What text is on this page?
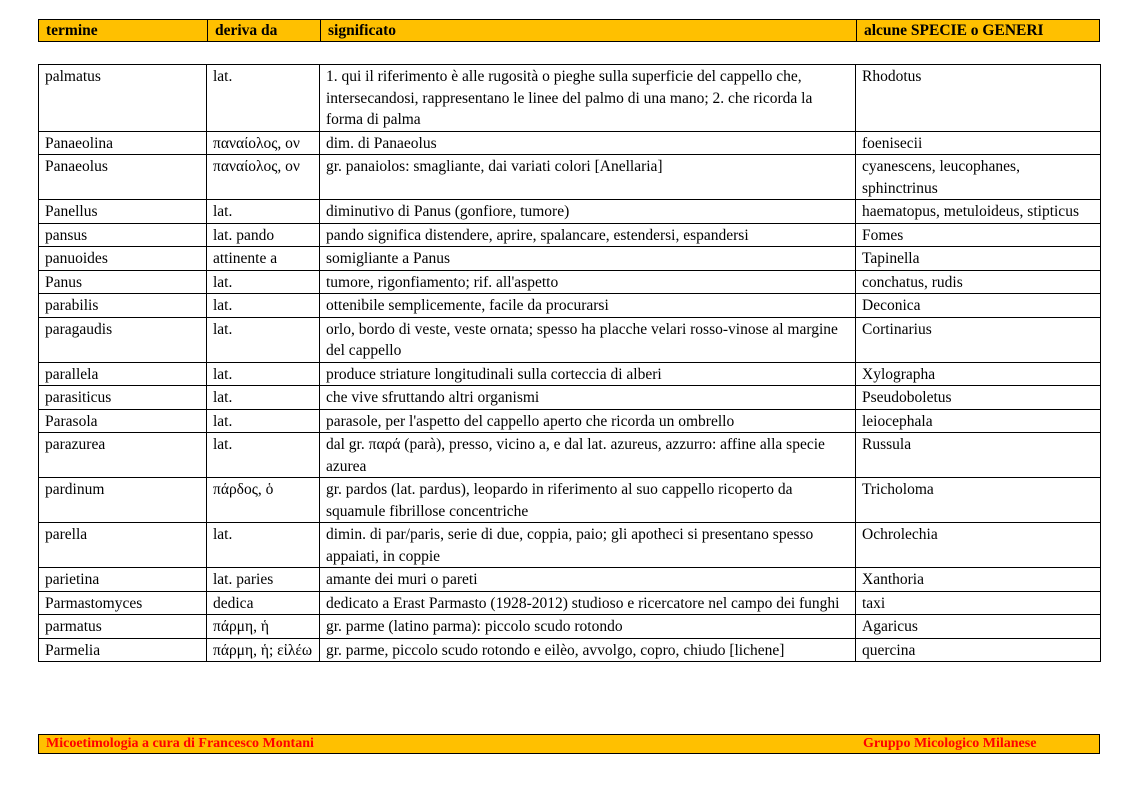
termine	deriva da	significato	alcune SPECIE o GENERI
palmatus	lat.	1. qui il riferimento è alle rugosità o pieghe sulla superficie del cappello che, intersecandosi, rappresentano le linee del palmo di una mano; 2. che ricorda la forma di palma	Rhodotus
Panaeolina	παναίολος, ον	dim. di Panaeolus	foenisecii
Panaeolus	παναίολος, ον	gr. panaiolos: smagliante, dai variati colori [Anellaria]	cyanescens, leucophanes, sphinctrinus
Panellus	lat.	diminutivo di Panus (gonfiore, tumore)	haematopus, metuloideus, stipticus
pansus	lat. pando	pando significa distendere, aprire, spalancare, estendersi, espandersi	Fomes
panuoides	attinente a	somigliante a Panus	Tapinella
Panus	lat.	tumore, rigonfiamento; rif. all'aspetto	conchatus, rudis
parabilis	lat.	ottenibile semplicemente, facile da procurarsi	Deconica
paragaudis	lat.	orlo, bordo di veste, veste ornata; spesso ha placche velari rosso-vinose al margine del cappello	Cortinarius
parallela	lat.	produce striature longitudinali sulla corteccia di alberi	Xylographa
parasiticus	lat.	che vive sfruttando altri organismi	Pseudoboletus
Parasola	lat.	parasole, per l'aspetto del cappello aperto che ricorda un ombrello	leiocephala
parazurea	lat.	dal gr. παρά (parà), presso, vicino a, e dal lat. azureus, azzurro: affine alla specie azurea	Russula
pardinum	πάρδος, ὁ	gr. pardos (lat. pardus), leopardo in riferimento al suo cappello ricoperto da squamule fibrillose concentriche	Tricholoma
parella	lat.	dimin. di par/paris, serie di due, coppia, paio; gli apotheci si presentano spesso appaiati, in coppie	Ochrolechia
parietina	lat. paries	amante dei muri o pareti	Xanthoria
Parmastomyces	dedica	dedicato a Erast Parmasto (1928-2012) studioso e ricercatore nel campo dei funghi	taxi
parmatus	πάρμη, ἡ	gr. parme (latino parma): piccolo scudo rotondo	Agaricus
Parmelia	πάρμη, ἡ; εἰλέω	gr. parme, piccolo scudo rotondo e eilèo, avvolgo, copro, chiudo [lichene]	quercina
Micoetimologia a cura di Francesco Montani	Gruppo Micologico Milanese
